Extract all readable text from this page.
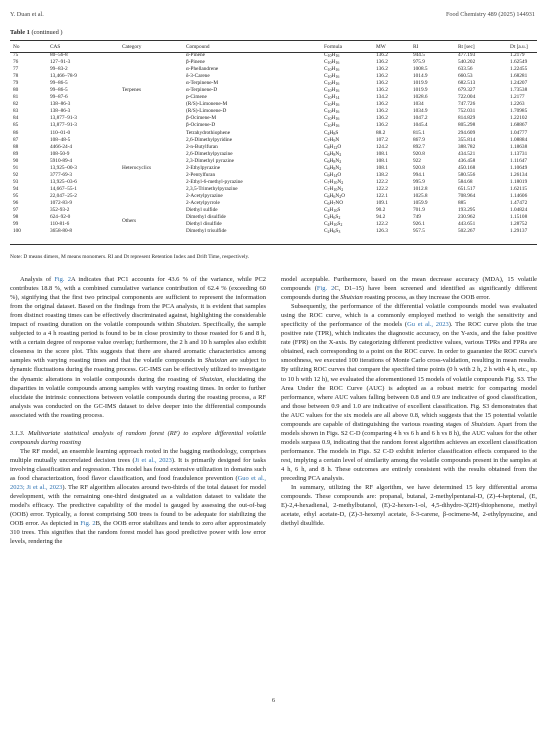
Y. Duan et al.	Food Chemistry 489 (2025) 144931
Table 1 (continued )
No	CAS	Category	Compound	Formula	MW	RI	Rt [sec]	Dt [a.u.]
75	80–56-8	Terpenes	α-Pinene	$C_{10}H_{16}$	136.2	944.5	477.193	1.2179
76	127–91-3		β-Pinene	$C_{10}H_{16}$	136.2	975.9	540.202	1.62549
77	99–83-2		α-Phellandrene	$C_{10}H_{16}$	136.2	1008.5	633.56	1.22455
78	13,466–78-9		δ-3-Carene	$C_{10}H_{16}$	136.2	1014.9	660.53	1.68281
79	99–86-5		α-Terpinene-M	$C_{10}H_{16}$	136.2	1019.9	682.513	1.24207
80	99–86-5		α-Terpinene-D	$C_{10}H_{16}$	136.2	1019.9	679.327	1.73538
81	99–87-6		p-Cimene	$C_{10}H_{14}$	134.2	1028.6	722.004	1.2177
82	138–86-3		(R/S)-Limonene-M	$C_{10}H_{16}$	136.2	1034	747.726	1.2263
83	138–86-3		(R/S)-Limonene-D	$C_{10}H_{16}$	136.2	1034.9	752.031	1.70985
84	13,877–91-3		β-Ocimene-M	$C_{10}H_{16}$	136.2	1047.2	814.829	1.22102
85	13,877–91-3		β-Ocimene-D	$C_{10}H_{16}$	136.2	1045.4	805.298	1.68867
86	110–01-0	Heterocyclics	Tetrahydrothiophene	$C_4H_8S$	88.2	815.1	294.609	1.04777
87	108–48-5		2,6-Dimethylpyridine	$C_7H_9N$	107.2	867.9	355.814	1.08884
88	4466-24-4		2-n-Butylfuran	$C_8H_{12}O$	124.2	892.7	388.782	1.18638
89	108-50-9		2,6-Dimethylpyrazine	$C_6H_8N_2$	108.1	920.8	434.521	1.13731
90	5910-89-4		2,3-Dimethyl pyrazine	$C_6H_8N_2$	108.1	922	436.458	1.11647
91	13,925–00-3		2-Ethylpyrazine	$C_6H_8N_2$	108.1	920.8	450.168	1.10649
92	3777-69-3		2-Pentylfuran	$C_9H_{14}O$	138.2	994.1	580.556	1.26134
93	13,925–03-6		2-Ethyl-6-methyl-pyrazine	$C_7H_{10}N_2$	122.2	995.9	584.68	1.18019
94	14,667–55-1		2,3,5-Trimethylpyrazine	$C_7H_{10}N_2$	122.2	1012.8	651.517	1.62115
95	22,047–25-2		2-Acetylpyrazine	$C_6H_6N_2O$	122.1	1025.8	708.964	1.14606
96	1072-83-9		2-Acetylpyrrole	$C_6H_7NO$	109.1	1059.9	885	1.47472
97	352-93-2	Others	Diethyl sulfide	$C_4H_{10}S$	90.2	701.9	193.295	1.04824
98	624–92-0		Dimethyl disulfide	$C_2H_6S_2$	94.2	749	230.962	1.15108
99	110-81-6		Diethyl disulfide	$C_4H_{10}S_2$	122.2	926.1	443.651	1.28752
100	3658-80-8		Dimethyl trisulfide	$C_2H_6S_3$	126.3	957.5	502.267	1.29137
Note: D means dimers, M means monomers. RI and Dt represent Retention Index and Drift Time, respectively.

Analysis of Fig. 2A indicates that PC1 accounts for 43.6 % of the variance, while PC2 contributes 18.8 %, with a combined cumulative variance contribution of 62.4 % (exceeding 60 %), signifying that the first two principal components are sufficient to represent the information from the original dataset. Based on the findings from the PCA analysis, it is evident that samples from distinct roasting times can be effectively discriminated against, highlighting the considerable impact of roasting duration on the volatile compounds within Shuixian. Specifically, the sample subjected to a 4 h roasting period is found to be in close proximity to those roasted for 6 and 8 h, with a certain degree of response value overlap; furthermore, the 2 h and 10 h samples also exhibit closeness in the score plot. This suggests that there are shared aromatic characteristics among samples with varying roasting times and that the volatile compounds in Shuixian are subject to dynamic fluctuations during the roasting process. GC-IMS can be effectively utilized to investigate the dynamic alterations in volatile compounds during the roasting of Shuixian, elucidating the disparities in volatile compounds among samples with varying roasting times. In order to further elucidate the intrinsic connections between volatile compounds during the roasting process, a RF analysis was conducted on the GC-IMS dataset to delve deeper into the differential compounds associated with the roasting process.

3.1.3. Multivariate statistical analysis of random forest (RF) to explore differential volatile compounds during roasting

The RF model, an ensemble learning approach rooted in the bagging methodology, comprises multiple mutually uncorrelated decision trees (Ji et al., 2023). It is primarily designed for tasks involving classification and regression. This model has found extensive utilization in domains such as food characterization, food flavor classification, and food fraudulence prevention (Guo et al., 2023; Ji et al., 2023). The RF algorithm allocates around two-thirds of the total dataset for model development, with the remaining one-third designated as a validation dataset to validate the model's efficacy. The predictive capability of the model is gauged by assessing the out-of-bag (OOB) error. Typically, a forest comprising 500 trees is found to be adequate for stabilizing the OOB error. As depicted in Fig. 2B, the OOB error stabilizes and tends to zero after approximately 310 trees. This signifies that the random forest model has good predictive power with low error levels, rendering the

model acceptable. Furthermore, based on the mean decrease accuracy (MDA), 15 volatile compounds (Fig. 2C, D1–15) have been screened and identified as significantly different compounds during the Shuixian roasting process, as they increase the OOB error.

Subsequently, the performance of the differential volatile compounds model was evaluated using the ROC curve, which is a commonly employed method to weigh the sensitivity and specificity of the performance of the models (Gu et al., 2023). The ROC curve plots the true positive rate (TPR), which indicates the diagnostic accuracy, on the Y-axis, and the false positive rate (FPR) on the X-axis. By categorizing different predictive values, various TPRs and FPRs are obtained, each corresponding to a point on the ROC curve. In order to guarantee the ROC curve's smoothness, we executed 100 iterations of Monte Carlo cross-validation, resulting in mean results. By utilizing ROC curves that compare the specified time points (0 h with 2 h, 2 h with 4 h, etc., up to 10 h with 12 h), we evaluated the aforementioned 15 models of volatile compounds Fig. S3. The Area Under the ROC Curve (AUC) is adopted as a robust metric for comparing model performance, where AUC values falling between 0.8 and 0.9 are indicative of good classification, and those between 0.9 and 1.0 are indicative of excellent classification. Fig. S3 demonstrates that the AUC values for the six models are all above 0.8, which suggests that the 15 potential volatile compounds are capable of distinguishing the various roasting stages of Shuixian. Apart from the models shown in Figs. S2 C-D (comparing 4 h vs 6 h and 6 h vs 8 h), the AUC values for the other models surpass 0.9, indicating that the random forest algorithm achieves an excellent classification performance. The models in Figs. S2 C-D exhibit inferior classification effects compared to the rest, implying a certain level of similarity among the volatile compounds present in the samples at 4 h, 6 h, and 8 h. These outcomes are entirely consistent with the results obtained from the preceding PCA analysis.

In summary, utilizing the RF algorithm, we have determined 15 key differential aroma compounds. These compounds are: propanal, butanal, 2-methylpentanal-D, (Z)-4-heptenal, (E, E)-2,4-hexadienal, 2-methylbutanol, (E)-2-hexen-1-ol, 4,5-dihydro-3(2H)-thiophenone, methyl acetate, ethyl acetate-D, (Z)-3-hexenyl acetate, δ-3-carene, β-ocimene-M, 2-ethylpyrazine, and diethyl disulfide.

6
